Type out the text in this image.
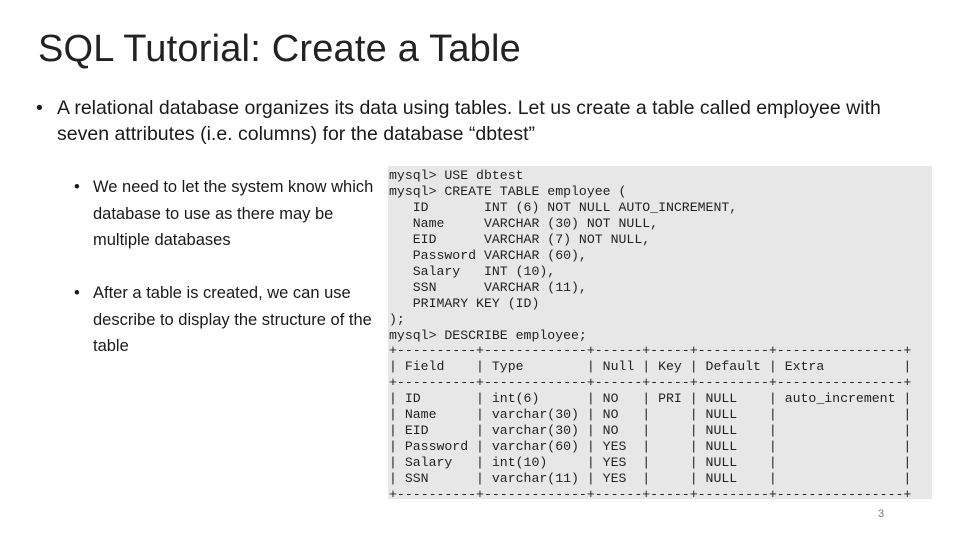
SQL Tutorial: Create a Table
• A relational database organizes its data using tables. Let us create a table called employee with seven attributes (i.e. columns) for the database “dbtest”
• We need to let the system know which database to use as there may be multiple databases
• After a table is created, we can use describe to display the structure of the table
mysql> USE dbtest
mysql> CREATE TABLE employee (
ID       INT (6) NOT NULL AUTO_INCREMENT,
Name     VARCHAR (30) NOT NULL,
EID      VARCHAR (7) NOT NULL,
Password VARCHAR (60),
Salary   INT (10),
SSN      VARCHAR (11),
PRIMARY KEY (ID)
);
mysql> DESCRIBE employee;
+----------+-------------+------+-----+---------+----------------+
| Field    | Type        | Null | Key | Default | Extra          |
+----------+-------------+------+-----+---------+----------------+
| ID       | int(6)      | NO   | PRI | NULL    | auto_increment |
| Name     | varchar(30) | NO   |     | NULL    |                |
| EID      | varchar(30) | NO   |     | NULL    |                |
| Password | varchar(60) | YES  |     | NULL    |                |
| Salary   | int(10)     | YES  |     | NULL    |                |
| SSN      | varchar(11) | YES  |     | NULL    |                |
+----------+-------------+------+-----+---------+----------------+

3
